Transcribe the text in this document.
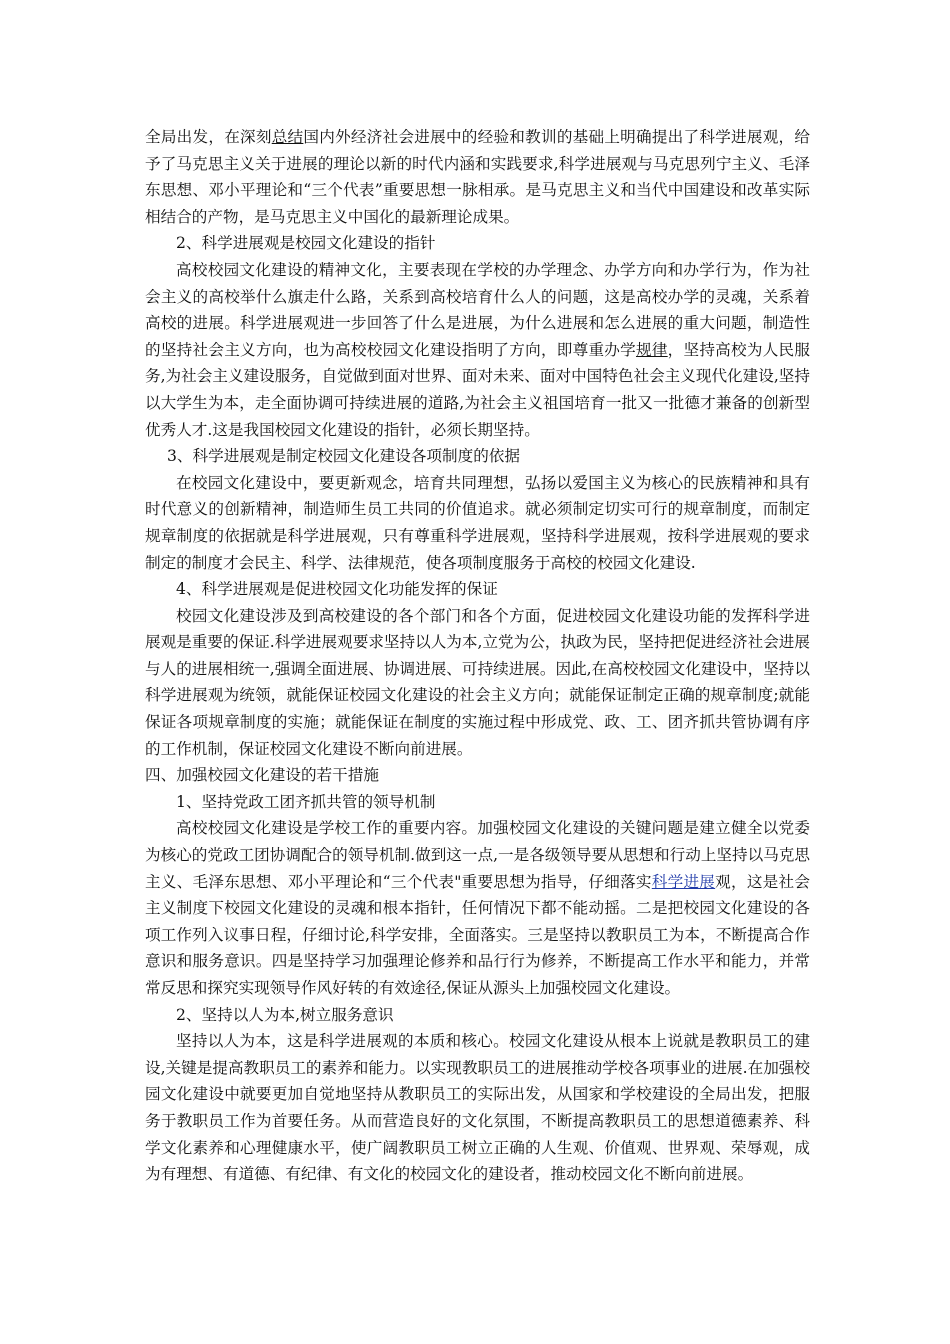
全局出发，在深刻总结国内外经济社会进展中的经验和教训的基础上明确提出了科学进展观，给予了马克思主义关于进展的理论以新的时代内涵和实践要求,科学进展观与马克思列宁主义、毛泽东思想、邓小平理论和“三个代表”重要思想一脉相承。是马克思主义和当代中国建设和改革实际相结合的产物，是马克思主义中国化的最新理论成果。

2、科学进展观是校园文化建设的指针

高校校园文化建设的精神文化，主要表现在学校的办学理念、办学方向和办学行为，作为社会主义的高校举什么旗走什么路，关系到高校培育什么人的问题，这是高校办学的灵魂，关系着高校的进展。科学进展观进一步回答了什么是进展，为什么进展和怎么进展的重大问题，制造性的坚持社会主义方向，也为高校校园文化建设指明了方向，即尊重办学规律，坚持高校为人民服务,为社会主义建设服务，自觉做到面对世界、面对未来、面对中国特色社会主义现代化建设,坚持以大学生为本，走全面协调可持续进展的道路,为社会主义祖国培育一批又一批德才兼备的创新型优秀人才.这是我国校园文化建设的指针，必须长期坚持。

3、科学进展观是制定校园文化建设各项制度的依据

在校园文化建设中，要更新观念，培育共同理想，弘扬以爱国主义为核心的民族精神和具有时代意义的创新精神，制造师生员工共同的价值追求。就必须制定切实可行的规章制度，而制定规章制度的依据就是科学进展观，只有尊重科学进展观，坚持科学进展观，按科学进展观的要求制定的制度才会民主、科学、法律规范，使各项制度服务于高校的校园文化建设.

4、科学进展观是促进校园文化功能发挥的保证

校园文化建设涉及到高校建设的各个部门和各个方面，促进校园文化建设功能的发挥科学进展观是重要的保证.科学进展观要求坚持以人为本,立党为公，执政为民，坚持把促进经济社会进展与人的进展相统一,强调全面进展、协调进展、可持续进展。因此,在高校校园文化建设中，坚持以科学进展观为统领，就能保证校园文化建设的社会主义方向；就能保证制定正确的规章制度;就能保证各项规章制度的实施；就能保证在制度的实施过程中形成党、政、工、团齐抓共管协调有序的工作机制，保证校园文化建设不断向前进展。

四、加强校园文化建设的若干措施

1、坚持党政工团齐抓共管的领导机制

高校校园文化建设是学校工作的重要内容。加强校园文化建设的关键问题是建立健全以党委为核心的党政工团协调配合的领导机制.做到这一点,一是各级领导要从思想和行动上坚持以马克思主义、毛泽东思想、邓小平理论和“三个代表"重要思想为指导，仔细落实科学进展观，这是社会主义制度下校园文化建设的灵魂和根本指针，任何情况下都不能动摇。二是把校园文化建设的各项工作列入议事日程，仔细讨论,科学安排，全面落实。三是坚持以教职员工为本，不断提高合作意识和服务意识。四是坚持学习加强理论修养和品行行为修养，不断提高工作水平和能力，并常常反思和探究实现领导作风好转的有效途径,保证从源头上加强校园文化建设。

2、坚持以人为本,树立服务意识

坚持以人为本，这是科学进展观的本质和核心。校园文化建设从根本上说就是教职员工的建设,关键是提高教职员工的素养和能力。以实现教职员工的进展推动学校各项事业的进展.在加强校园文化建设中就要更加自觉地坚持从教职员工的实际出发，从国家和学校建设的全局出发，把服务于教职员工作为首要任务。从而营造良好的文化氛围，不断提高教职员工的思想道德素养、科学文化素养和心理健康水平，使广阔教职员工树立正确的人生观、价值观、世界观、荣辱观，成为有理想、有道德、有纪律、有文化的校园文化的建设者，推动校园文化不断向前进展。
